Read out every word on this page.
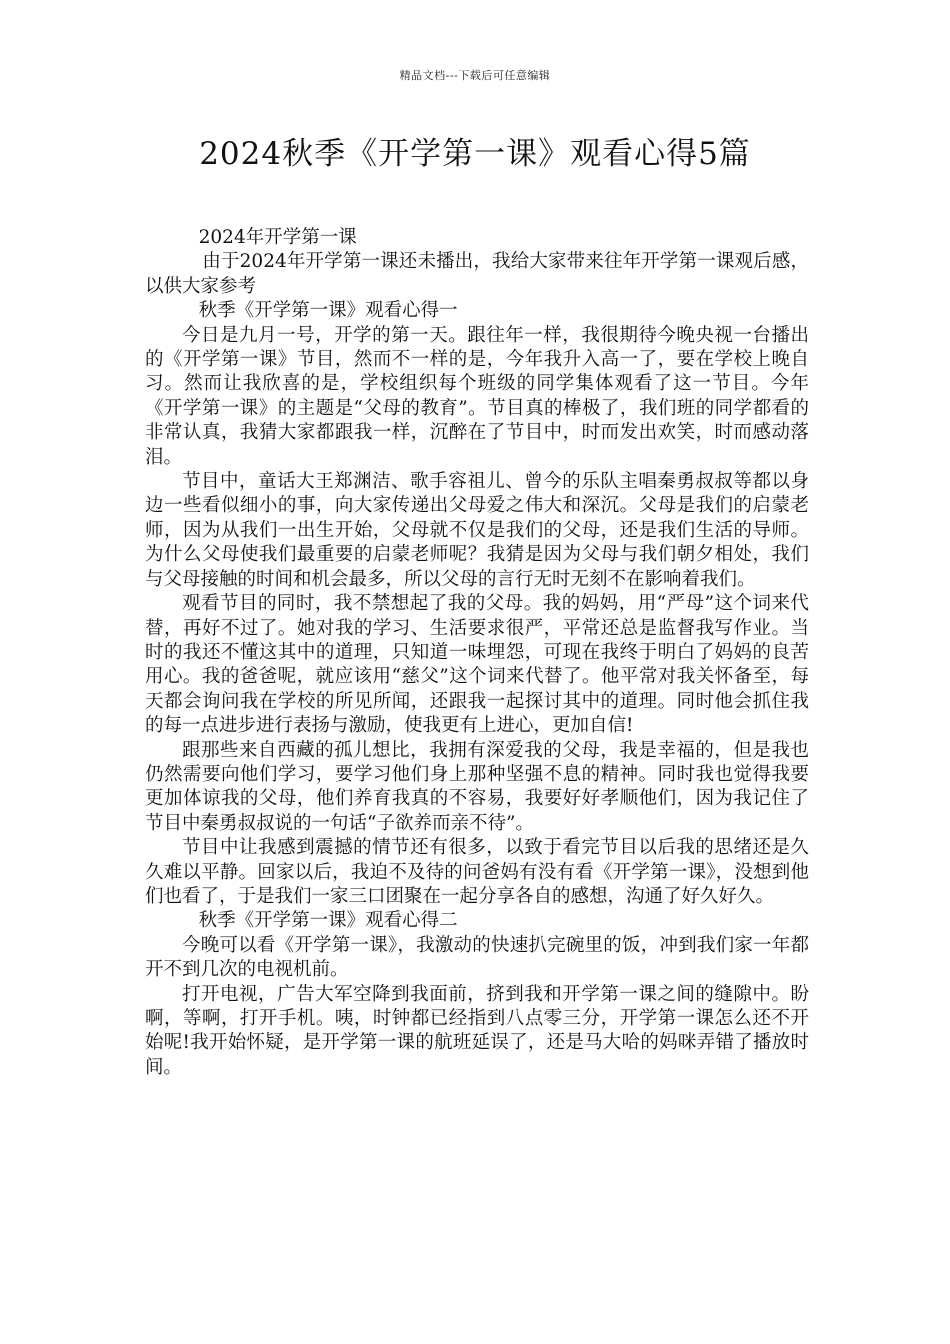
精品文档---下载后可任意编辑
2024秋季《开学第一课》观看心得5篇

2024年开学第一课

由于2024年开学第一课还未播出，我给大家带来往年开学第一课观后感，以供大家参考

秋季《开学第一课》观看心得一

今日是九月一号，开学的第一天。跟往年一样，我很期待今晚央视一台播出的《开学第一课》节目，然而不一样的是，今年我升入高一了，要在学校上晚自习。然而让我欣喜的是，学校组织每个班级的同学集体观看了这一节目。今年《开学第一课》的主题是“父母的教育”。节目真的棒极了，我们班的同学都看的非常认真，我猜大家都跟我一样，沉醉在了节目中，时而发出欢笑，时而感动落泪。

节目中，童话大王郑渊洁、歌手容祖儿、曾今的乐队主唱秦勇叔叔等都以身边一些看似细小的事，向大家传递出父母爱之伟大和深沉。父母是我们的启蒙老师，因为从我们一出生开始，父母就不仅是我们的父母，还是我们生活的导师。为什么父母使我们最重要的启蒙老师呢？我猜是因为父母与我们朝夕相处，我们与父母接触的时间和机会最多，所以父母的言行无时无刻不在影响着我们。

观看节目的同时，我不禁想起了我的父母。我的妈妈，用“严母”这个词来代替，再好不过了。她对我的学习、生活要求很严，平常还总是监督我写作业。当时的我还不懂这其中的道理，只知道一味埋怨，可现在我终于明白了妈妈的良苦用心。我的爸爸呢，就应该用“慈父”这个词来代替了。他平常对我关怀备至，每天都会询问我在学校的所见所闻，还跟我一起探讨其中的道理。同时他会抓住我的每一点进步进行表扬与激励，使我更有上进心，更加自信!

跟那些来自西藏的孤儿想比，我拥有深爱我的父母，我是幸福的，但是我也仍然需要向他们学习，要学习他们身上那种坚强不息的精神。同时我也觉得我要更加体谅我的父母，他们养育我真的不容易，我要好好孝顺他们，因为我记住了节目中秦勇叔叔说的一句话“子欲养而亲不待”。

节目中让我感到震撼的情节还有很多，以致于看完节目以后我的思绪还是久久难以平静。回家以后，我迫不及待的问爸妈有没有看《开学第一课》，没想到他们也看了，于是我们一家三口团聚在一起分享各自的感想，沟通了好久好久。

秋季《开学第一课》观看心得二

今晚可以看《开学第一课》，我激动的快速扒完碗里的饭，冲到我们家一年都开不到几次的电视机前。

打开电视，广告大军空降到我面前，挤到我和开学第一课之间的缝隙中。盼啊，等啊，打开手机。咦，时钟都已经指到八点零三分，开学第一课怎么还不开始呢!我开始怀疑，是开学第一课的航班延误了，还是马大哈的妈咪弄错了播放时间。
